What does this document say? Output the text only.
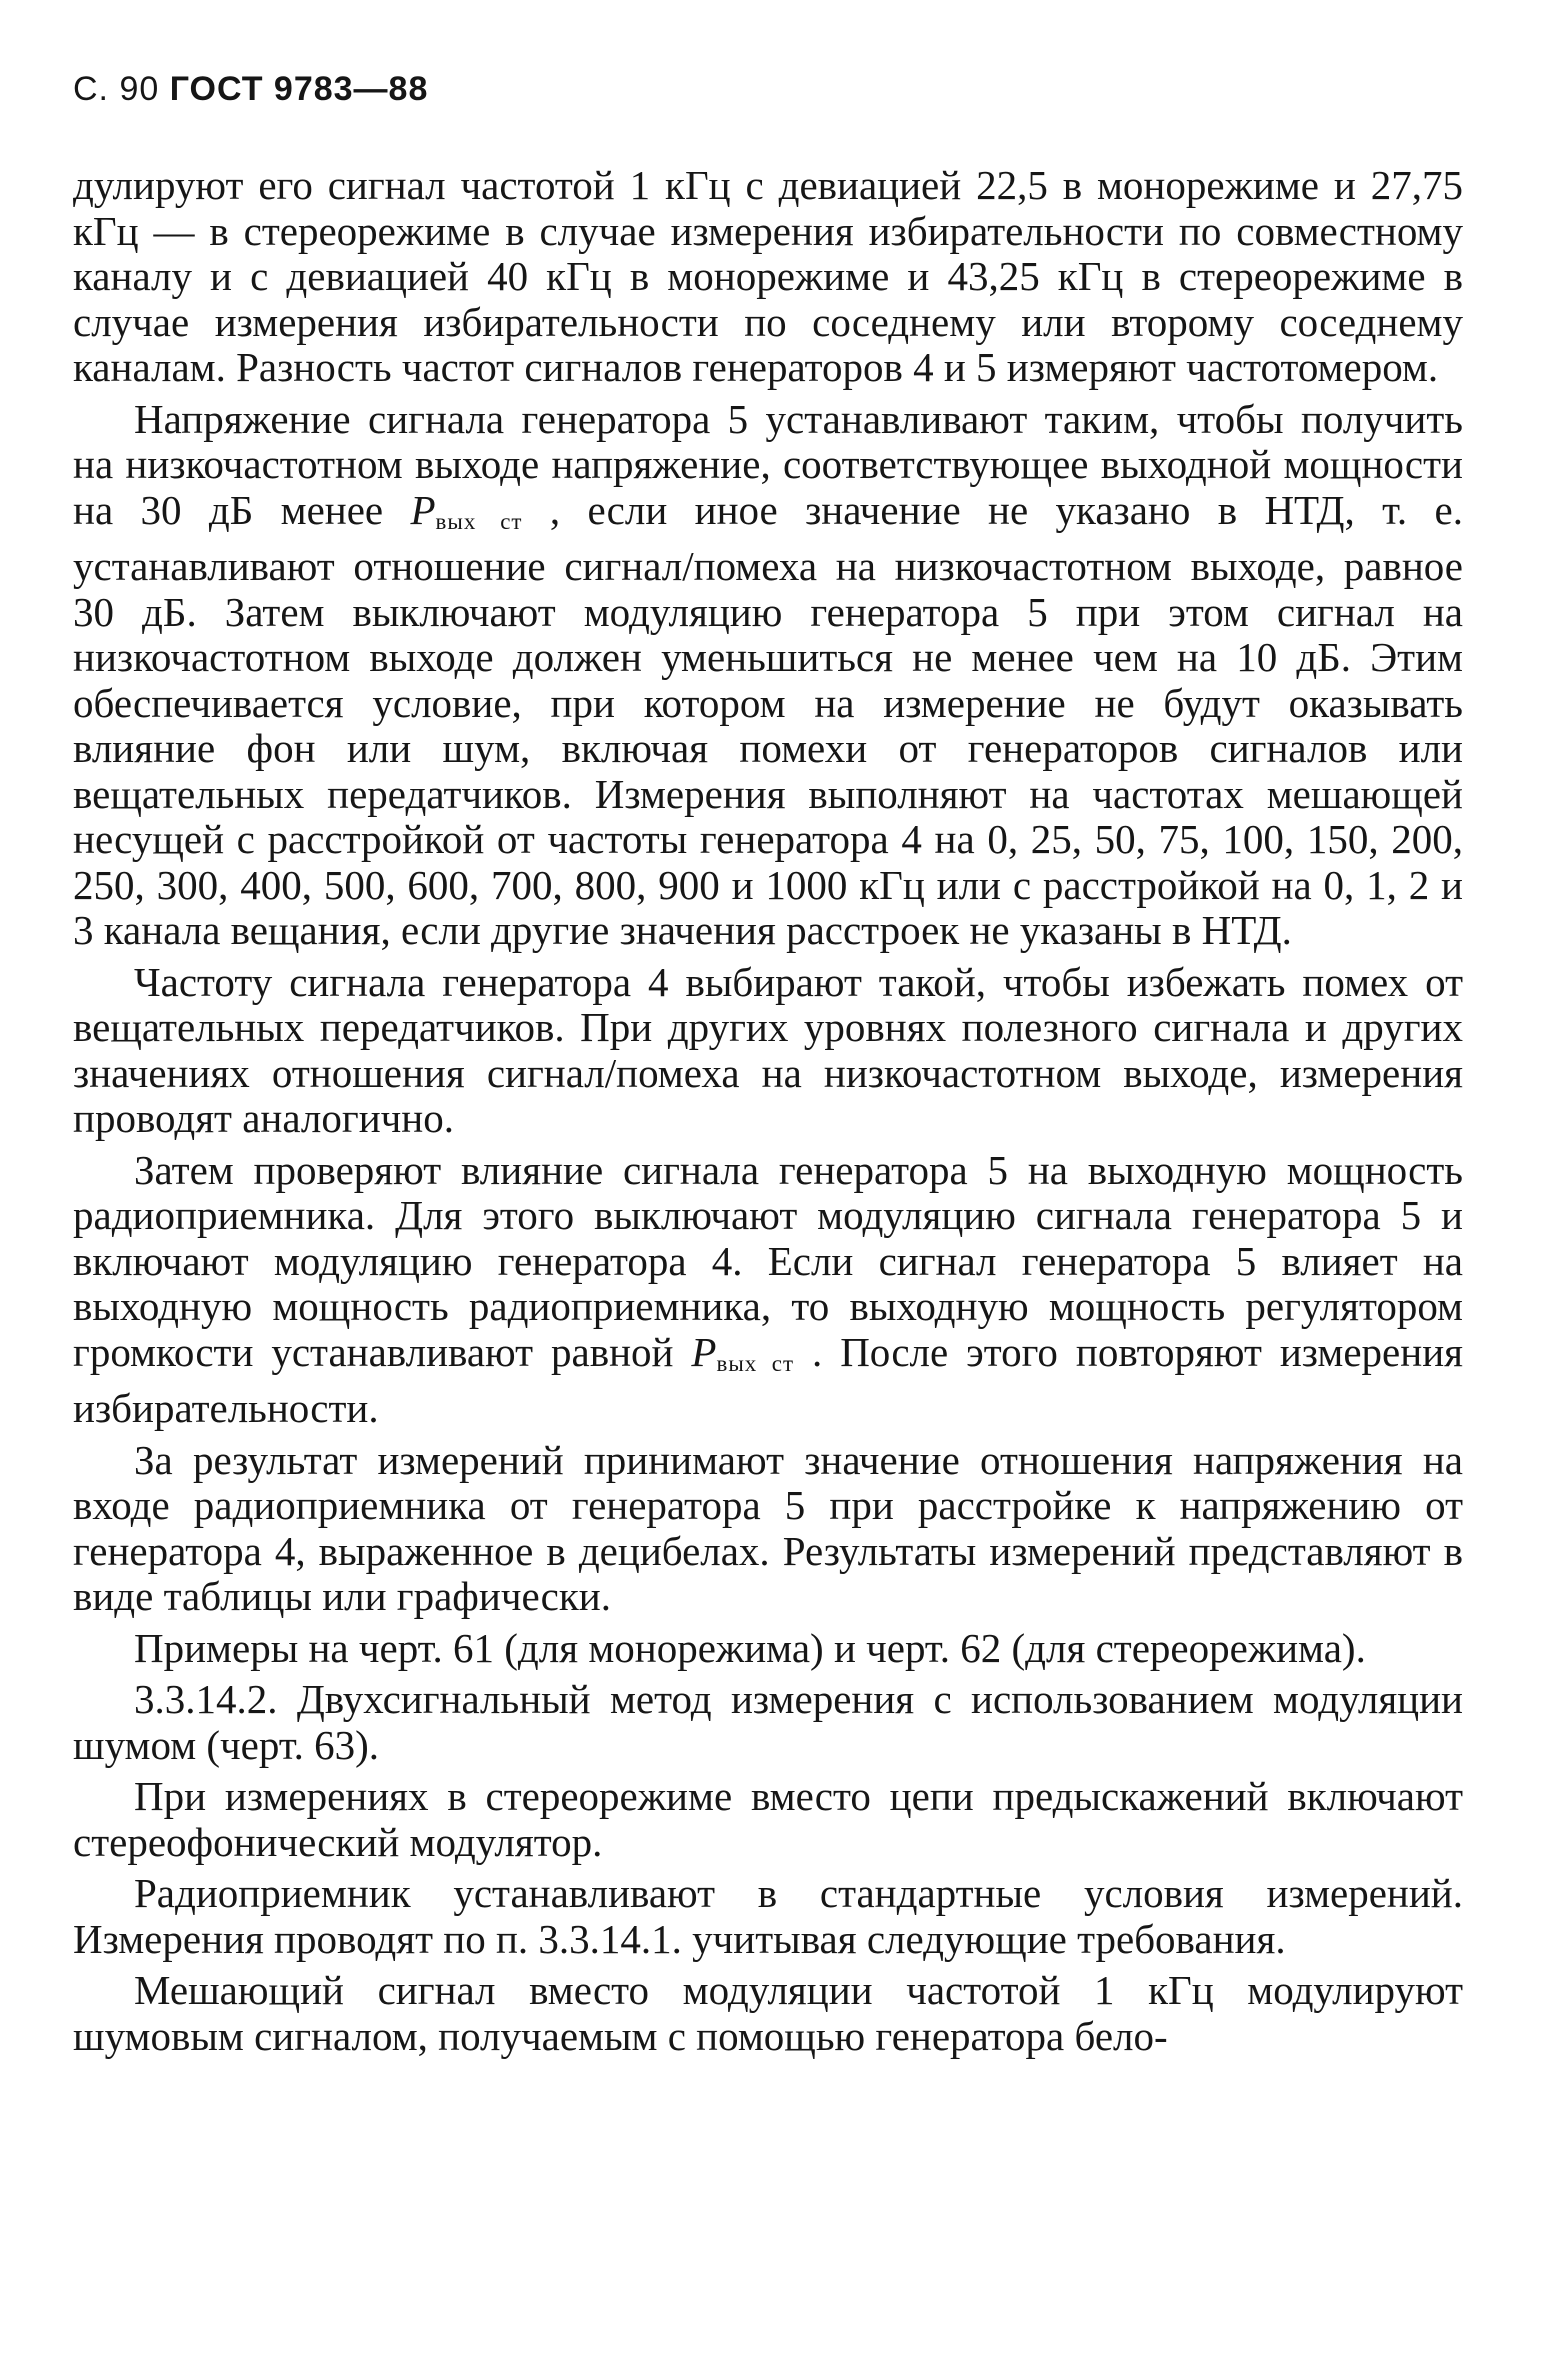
С. 90 ГОСТ 9783—88

дулируют его сигнал частотой 1 кГц с девиацией 22,5 в монорежиме и 27,75 кГц — в стереорежиме в случае измерения избирательности по совместному каналу и с девиацией 40 кГц в монорежиме и 43,25 кГц в стереорежиме в случае измерения избирательности по соседнему или второму соседнему каналам. Разность частот сигналов генераторов 4 и 5 измеряют частотомером.

Напряжение сигнала генератора 5 устанавливают таким, чтобы получить на низкочастотном выходе напряжение, соответствующее выходной мощности на 30 дБ менее $P_{вых ст}$ , если иное значение не указано в НТД, т. е. устанавливают отношение сигнал/помеха на низкочастотном выходе, равное 30 дБ. Затем выключают модуляцию генератора 5 при этом сигнал на низкочастотном выходе должен уменьшиться не менее чем на 10 дБ. Этим обеспечивается условие, при котором на измерение не будут оказывать влияние фон или шум, включая помехи от генераторов сигналов или вещательных передатчиков. Измерения выполняют на частотах мешающей несущей с расстройкой от частоты генератора 4 на 0, 25, 50, 75, 100, 150, 200, 250, 300, 400, 500, 600, 700, 800, 900 и 1000 кГц или с расстройкой на 0, 1, 2 и 3 канала вещания, если другие значения расстроек не указаны в НТД.

Частоту сигнала генератора 4 выбирают такой, чтобы избежать помех от вещательных передатчиков. При других уровнях полезного сигнала и других значениях отношения сигнал/помеха на низкочастотном выходе, измерения проводят аналогично.

Затем проверяют влияние сигнала генератора 5 на выходную мощность радиоприемника. Для этого выключают модуляцию сигнала генератора 5 и включают модуляцию генератора 4. Если сигнал генератора 5 влияет на выходную мощность радиоприемника, то выходную мощность регулятором громкости устанавливают равной $P_{вых ст}$ . После этого повторяют измерения избирательности.

За результат измерений принимают значение отношения напряжения на входе радиоприемника от генератора 5 при расстройке к напряжению от генератора 4, выраженное в децибелах. Результаты измерений представляют в виде таблицы или графически.

Примеры на черт. 61 (для монорежима) и черт. 62 (для стереорежима).

3.3.14.2. Двухсигнальный метод измерения с использованием модуляции шумом (черт. 63).

При измерениях в стереорежиме вместо цепи предыскажений включают стереофонический модулятор.

Радиоприемник устанавливают в стандартные условия измерений. Измерения проводят по п. 3.3.14.1. учитывая следующие требования.

Мешающий сигнал вместо модуляции частотой 1 кГц модулируют шумовым сигналом, получаемым с помощью генератора бело-
